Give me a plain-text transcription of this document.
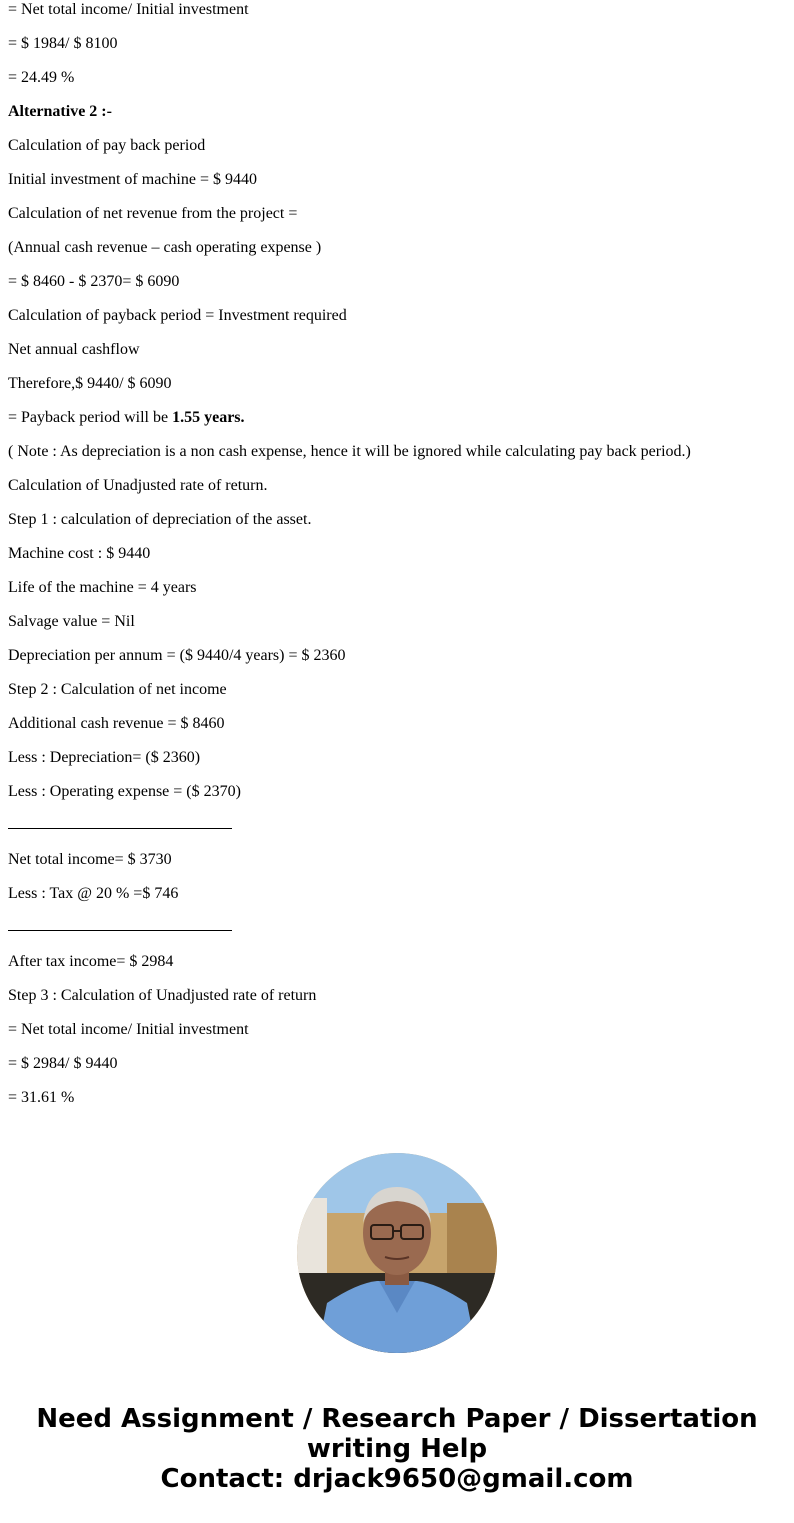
= Net total income/ Initial investment
= $ 1984/ $ 8100
= 24.49 %
Alternative 2 :-
Calculation of pay back period
Initial investment of machine = $ 9440
Calculation of net revenue from the project =
(Annual cash revenue – cash operating expense )
= $ 8460 - $ 2370= $ 6090
Calculation of payback period = Investment required
Net annual cashflow
Therefore,$ 9440/ $ 6090
= Payback period will be 1.55 years.
( Note : As depreciation is a non cash expense, hence it will be ignored while calculating pay back period.)
Calculation of Unadjusted rate of return.
Step 1 : calculation of depreciation of the asset.
Machine cost : $ 9440
Life of the machine = 4 years
Salvage value = Nil
Depreciation per annum = ($ 9440/4 years) = $ 2360
Step 2 : Calculation of net income
Additional cash revenue = $ 8460
Less : Depreciation= ($ 2360)
Less : Operating expense = ($ 2370)
Net total income= $ 3730
Less : Tax @ 20 % =$ 746
After tax income= $ 2984
Step 3 : Calculation of Unadjusted rate of return
= Net total income/ Initial investment
= $ 2984/ $ 9440
= 31.61 %
Need Assignment / Research Paper / Dissertation
writing Help
Contact: drjack9650@gmail.com
